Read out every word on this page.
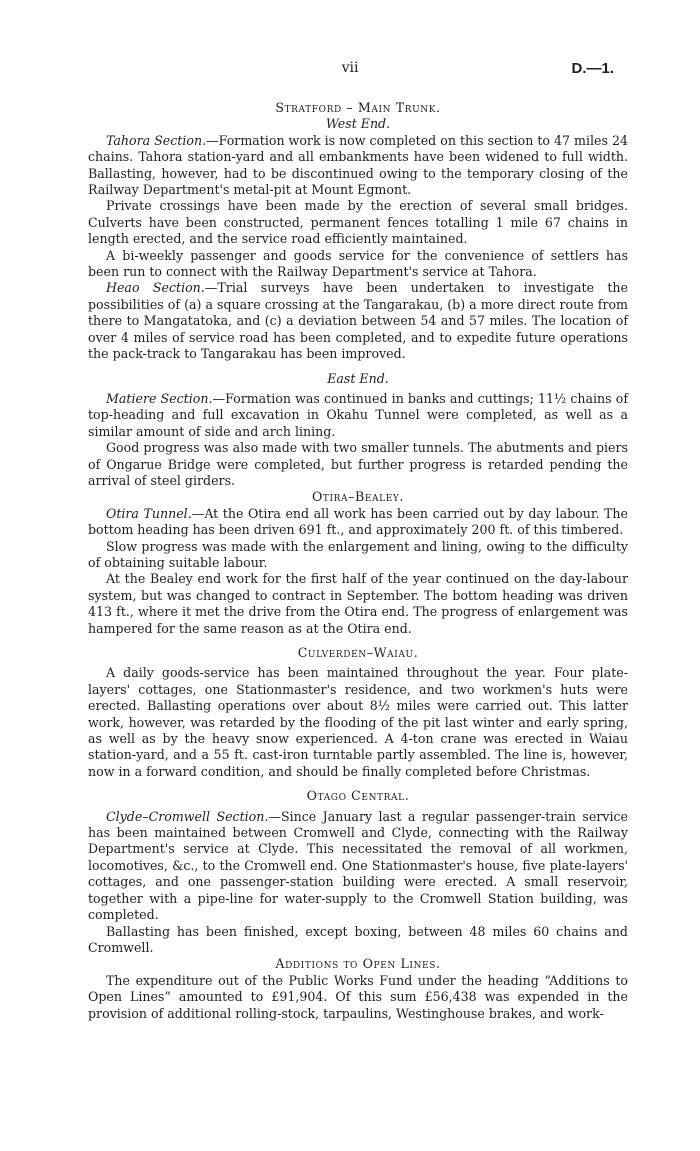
vii	D.—1.

Stratford – Main Trunk.

West End.

Tahora Section.—Formation work is now completed on this section to 47 miles 24 chains. Tahora station-yard and all embankments have been widened to full width. Ballasting, however, had to be discontinued owing to the temporary closing of the Railway Department's metal-pit at Mount Egmont.

Private crossings have been made by the erection of several small bridges. Culverts have been constructed, permanent fences totalling 1 mile 67 chains in length erected, and the service road efficiently maintained.

A bi-weekly passenger and goods service for the convenience of settlers has been run to connect with the Railway Department's service at Tahora.

Heao Section.—Trial surveys have been undertaken to investigate the possibilities of (a) a square crossing at the Tangarakau, (b) a more direct route from there to Mangatatoka, and (c) a deviation between 54 and 57 miles. The location of over 4 miles of service road has been completed, and to expedite future operations the pack-track to Tangarakau has been improved.

East End.

Matiere Section.—Formation was continued in banks and cuttings; 11½ chains of top-heading and full excavation in Okahu Tunnel were completed, as well as a similar amount of side and arch lining.

Good progress was also made with two smaller tunnels. The abutments and piers of Ongarue Bridge were completed, but further progress is retarded pending the arrival of steel girders.

Otira–Bealey.

Otira Tunnel.—At the Otira end all work has been carried out by day labour. The bottom heading has been driven 691 ft., and approximately 200 ft. of this timbered.

Slow progress was made with the enlargement and lining, owing to the difficulty of obtaining suitable labour.

At the Bealey end work for the first half of the year continued on the day-labour system, but was changed to contract in September. The bottom heading was driven 413 ft., where it met the drive from the Otira end. The progress of enlargement was hampered for the same reason as at the Otira end.

Culverden–Waiau.

A daily goods-service has been maintained throughout the year. Four plate-layers' cottages, one Stationmaster's residence, and two workmen's huts were erected. Ballasting operations over about 8½ miles were carried out. This latter work, however, was retarded by the flooding of the pit last winter and early spring, as well as by the heavy snow experienced. A 4-ton crane was erected in Waiau station-yard, and a 55 ft. cast-iron turntable partly assembled. The line is, however, now in a forward condition, and should be finally completed before Christmas.

Otago Central.

Clyde–Cromwell Section.—Since January last a regular passenger-train service has been maintained between Cromwell and Clyde, connecting with the Railway Department's service at Clyde. This necessitated the removal of all workmen, locomotives, &c., to the Cromwell end. One Stationmaster's house, five plate-layers' cottages, and one passenger-station building were erected. A small reservoir, together with a pipe-line for water-supply to the Cromwell Station building, was completed.

Ballasting has been finished, except boxing, between 48 miles 60 chains and Cromwell.

Additions to Open Lines.

The expenditure out of the Public Works Fund under the heading “Additions to Open Lines” amounted to £91,904. Of this sum £56,438 was expended in the provision of additional rolling-stock, tarpaulins, Westinghouse brakes, and work-
